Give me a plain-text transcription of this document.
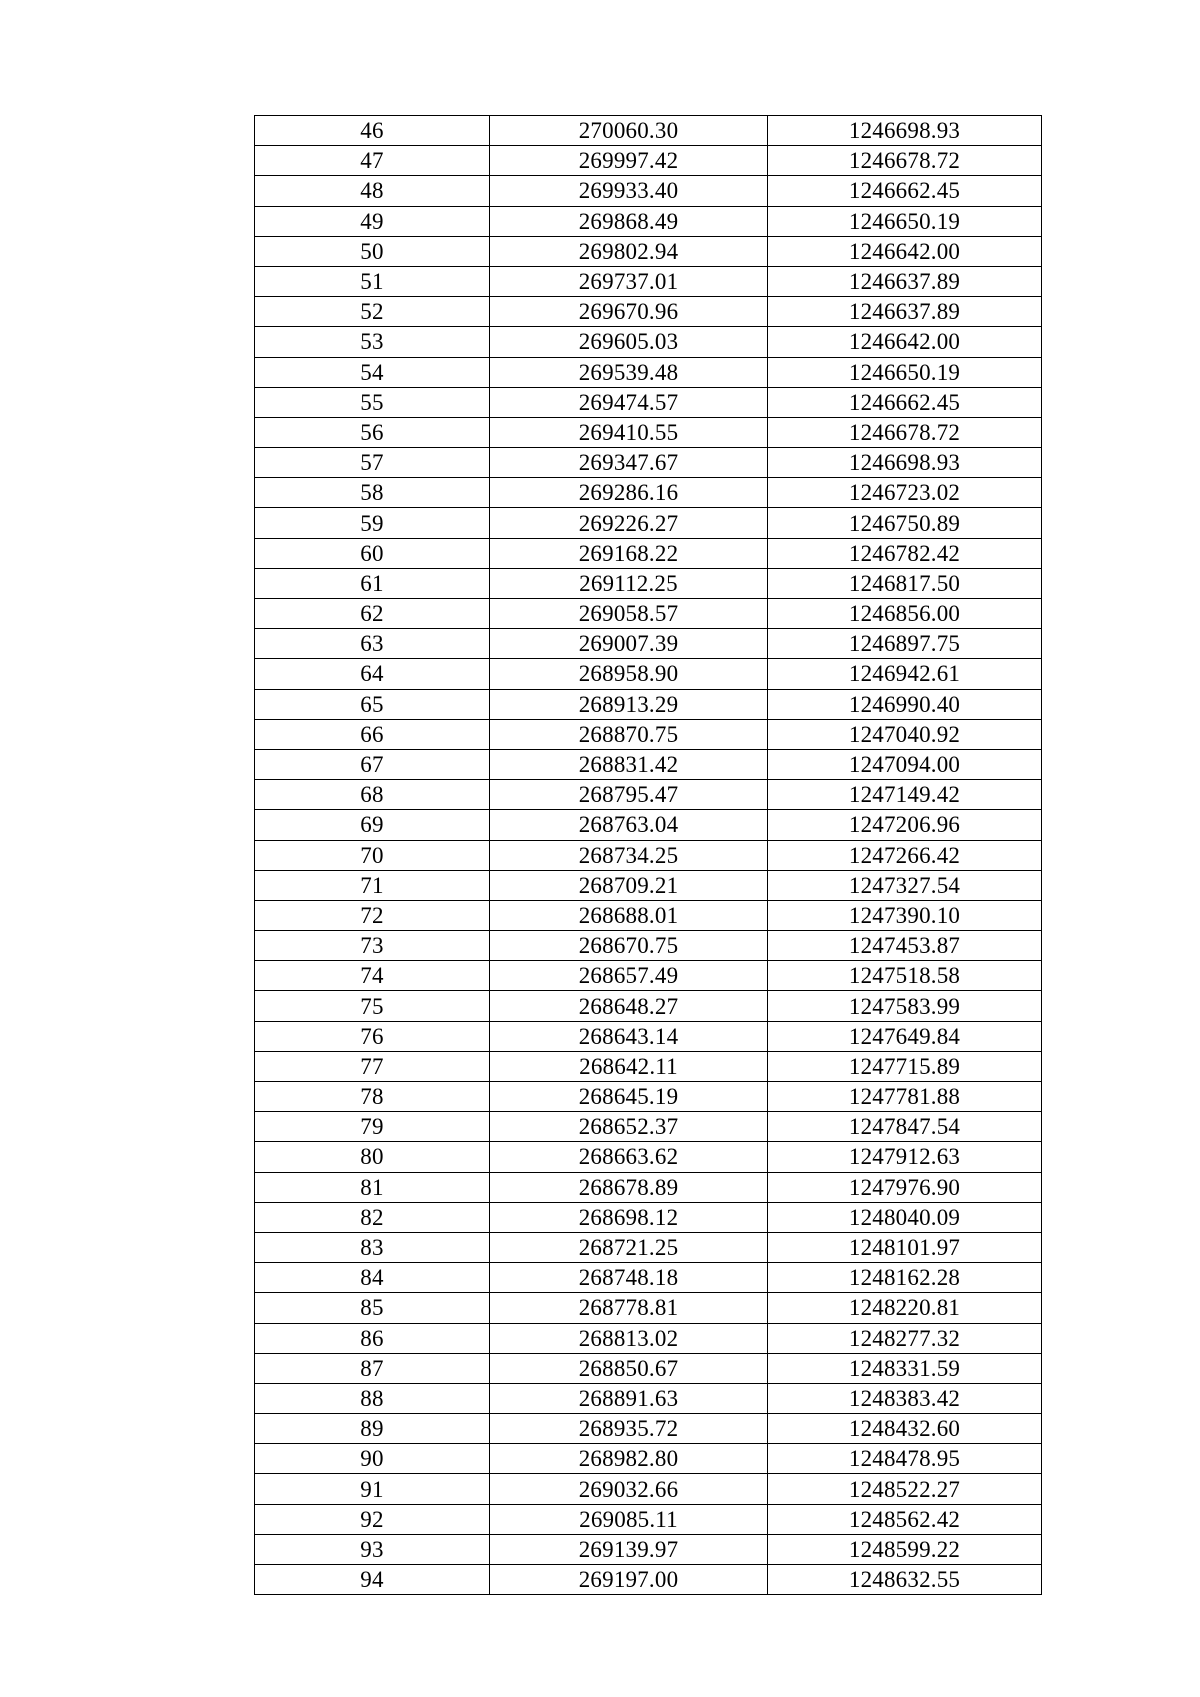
46	270060.30	1246698.93
47	269997.42	1246678.72
48	269933.40	1246662.45
49	269868.49	1246650.19
50	269802.94	1246642.00
51	269737.01	1246637.89
52	269670.96	1246637.89
53	269605.03	1246642.00
54	269539.48	1246650.19
55	269474.57	1246662.45
56	269410.55	1246678.72
57	269347.67	1246698.93
58	269286.16	1246723.02
59	269226.27	1246750.89
60	269168.22	1246782.42
61	269112.25	1246817.50
62	269058.57	1246856.00
63	269007.39	1246897.75
64	268958.90	1246942.61
65	268913.29	1246990.40
66	268870.75	1247040.92
67	268831.42	1247094.00
68	268795.47	1247149.42
69	268763.04	1247206.96
70	268734.25	1247266.42
71	268709.21	1247327.54
72	268688.01	1247390.10
73	268670.75	1247453.87
74	268657.49	1247518.58
75	268648.27	1247583.99
76	268643.14	1247649.84
77	268642.11	1247715.89
78	268645.19	1247781.88
79	268652.37	1247847.54
80	268663.62	1247912.63
81	268678.89	1247976.90
82	268698.12	1248040.09
83	268721.25	1248101.97
84	268748.18	1248162.28
85	268778.81	1248220.81
86	268813.02	1248277.32
87	268850.67	1248331.59
88	268891.63	1248383.42
89	268935.72	1248432.60
90	268982.80	1248478.95
91	269032.66	1248522.27
92	269085.11	1248562.42
93	269139.97	1248599.22
94	269197.00	1248632.55
